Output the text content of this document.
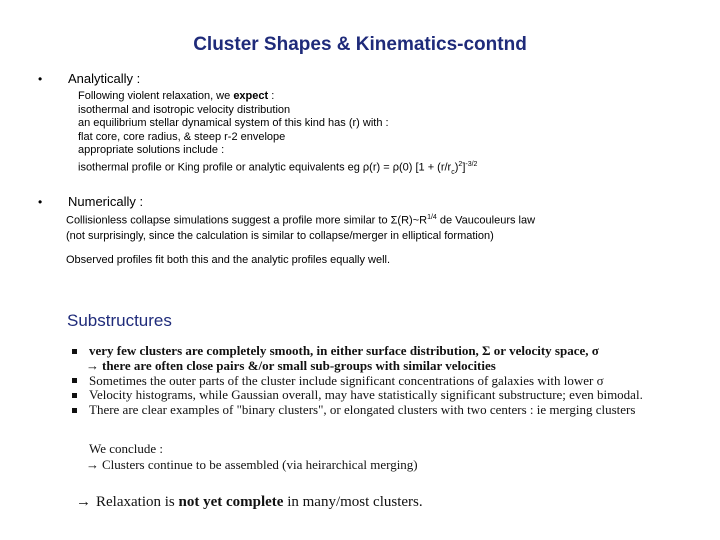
Cluster Shapes & Kinematics-contnd
• Analytically :
Following violent relaxation, we expect :
isothermal and isotropic velocity distribution
an equilibrium stellar dynamical system of this kind has (r) with :
flat core, core radius, & steep r-2 envelope
appropriate solutions include :
isothermal profile or King profile or analytic equivalents eg ρ(r) = ρ(0) $[1 + (r/r_c)^2]^{-3/2}$
• Numerically :
Collisionless collapse simulations suggest a profile more similar to $\Sigma(R)\sim R^{1/4}$ de Vaucouleurs law
(not surprisingly, since the calculation is similar to collapse/merger in elliptical formation)
Observed profiles fit both this and the analytic profiles equally well.
Substructures
very few clusters are completely smooth, in either surface distribution, Σ or velocity space, σ
→ there are often close pairs &/or small sub-groups with similar velocities
Sometimes the outer parts of the cluster include significant concentrations of galaxies with lower σ
Velocity histograms, while Gaussian overall, may have statistically significant substructure; even bimodal.
There are clear examples of "binary clusters", or elongated clusters with two centers : ie merging clusters
We conclude :
→ Clusters continue to be assembled (via heirarchical merging)
→ Relaxation is not yet complete in many/most clusters.
